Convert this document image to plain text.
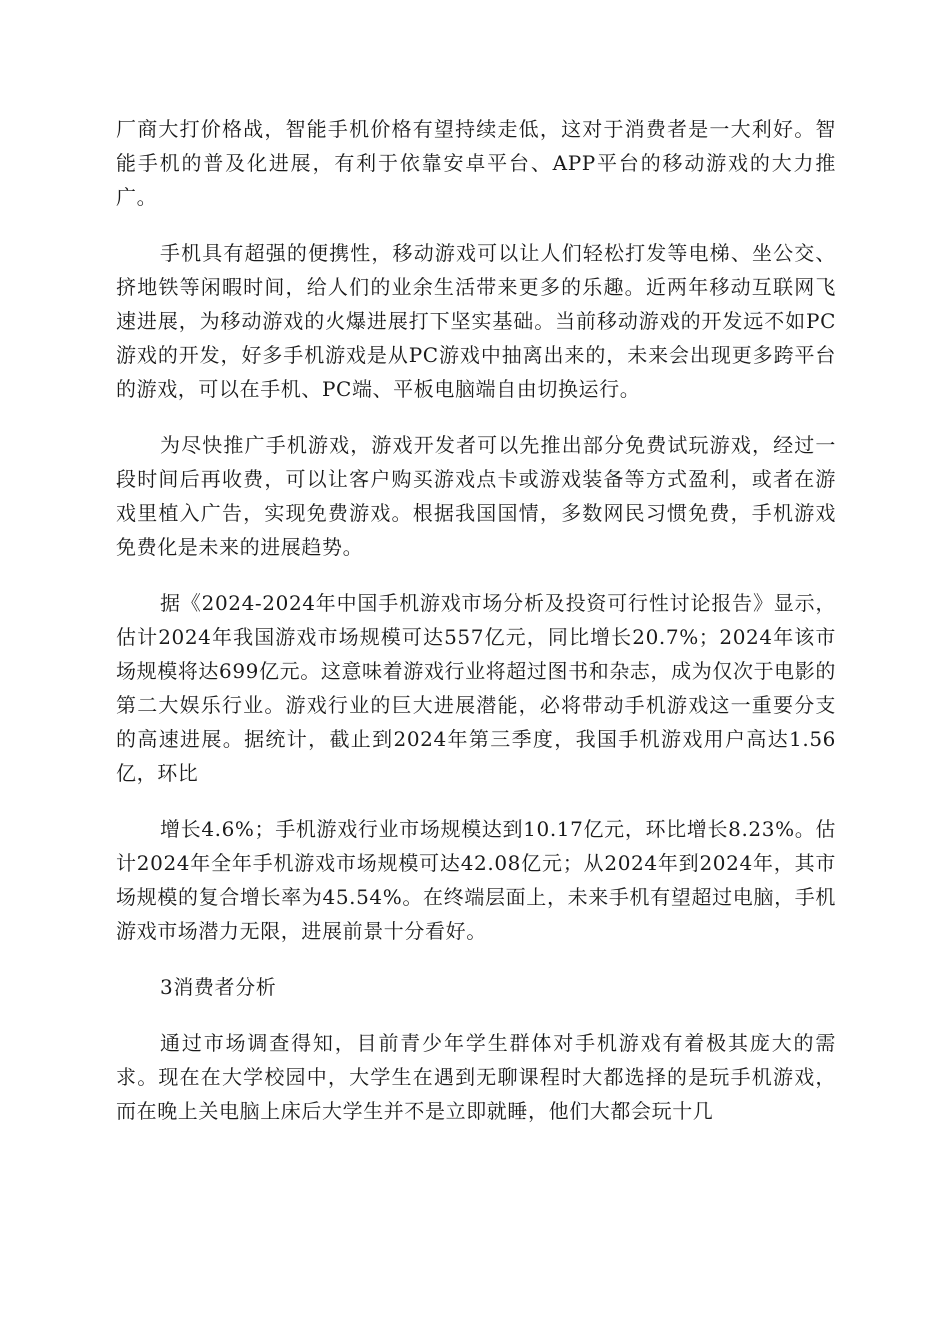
厂商大打价格战，智能手机价格有望持续走低，这对于消费者是一大利好。智能手机的普及化进展，有利于依靠安卓平台、APP平台的移动游戏的大力推广。

手机具有超强的便携性，移动游戏可以让人们轻松打发等电梯、坐公交、挤地铁等闲暇时间，给人们的业余生活带来更多的乐趣。近两年移动互联网飞速进展，为移动游戏的火爆进展打下坚实基础。当前移动游戏的开发远不如PC游戏的开发，好多手机游戏是从PC游戏中抽离出来的，未来会出现更多跨平台的游戏，可以在手机、PC端、平板电脑端自由切换运行。

为尽快推广手机游戏，游戏开发者可以先推出部分免费试玩游戏，经过一段时间后再收费，可以让客户购买游戏点卡或游戏装备等方式盈利，或者在游戏里植入广告，实现免费游戏。根据我国国情，多数网民习惯免费，手机游戏免费化是未来的进展趋势。

据《2024-2024年中国手机游戏市场分析及投资可行性讨论报告》显示，估计2024年我国游戏市场规模可达557亿元，同比增长20.7%；2024年该市场规模将达699亿元。这意味着游戏行业将超过图书和杂志，成为仅次于电影的第二大娱乐行业。游戏行业的巨大进展潜能，必将带动手机游戏这一重要分支的高速进展。据统计，截止到2024年第三季度，我国手机游戏用户高达1.56亿，环比

增长4.6%；手机游戏行业市场规模达到10.17亿元，环比增长8.23%。估计2024年全年手机游戏市场规模可达42.08亿元；从2024年到2024年，其市场规模的复合增长率为45.54%。在终端层面上，未来手机有望超过电脑，手机游戏市场潜力无限，进展前景十分看好。

3消费者分析

通过市场调查得知，目前青少年学生群体对手机游戏有着极其庞大的需求。现在在大学校园中，大学生在遇到无聊课程时大都选择的是玩手机游戏，而在晚上关电脑上床后大学生并不是立即就睡，他们大都会玩十几
